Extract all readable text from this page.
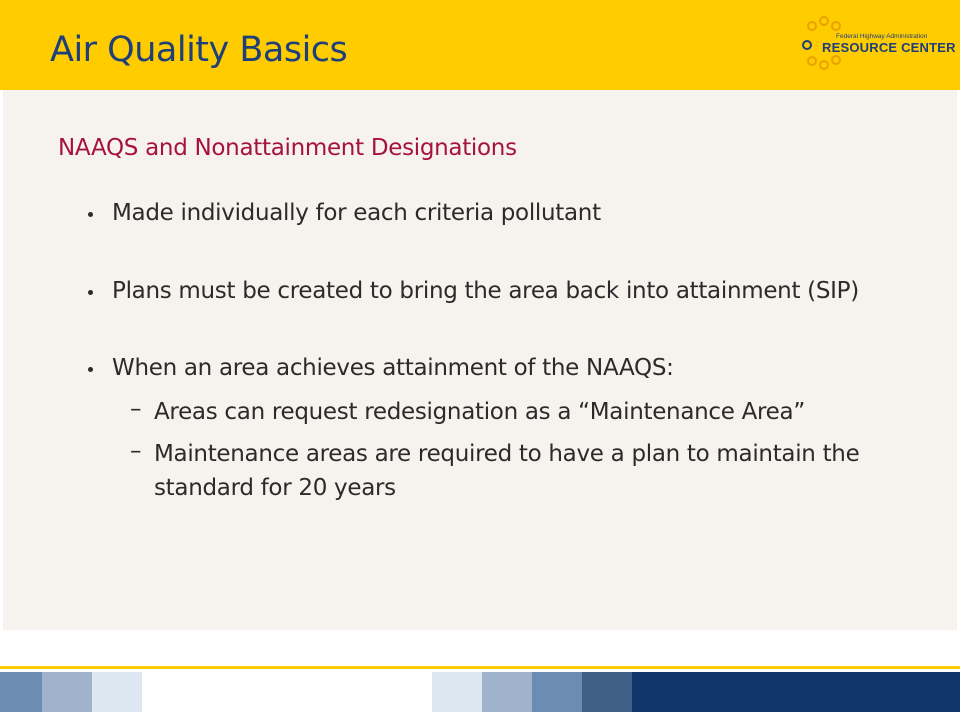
Air Quality Basics	Federal Highway Administration
RESOURCE CENTER
NAAQS and Nonattainment Designations
Made individually for each criteria pollutant
Plans must be created to bring the area back into attainment (SIP)
When an area achieves attainment of the NAAQS:
– Areas can request redesignation as a “Maintenance Area”
– Maintenance areas are required to have a plan to maintain the standard for 20 years
